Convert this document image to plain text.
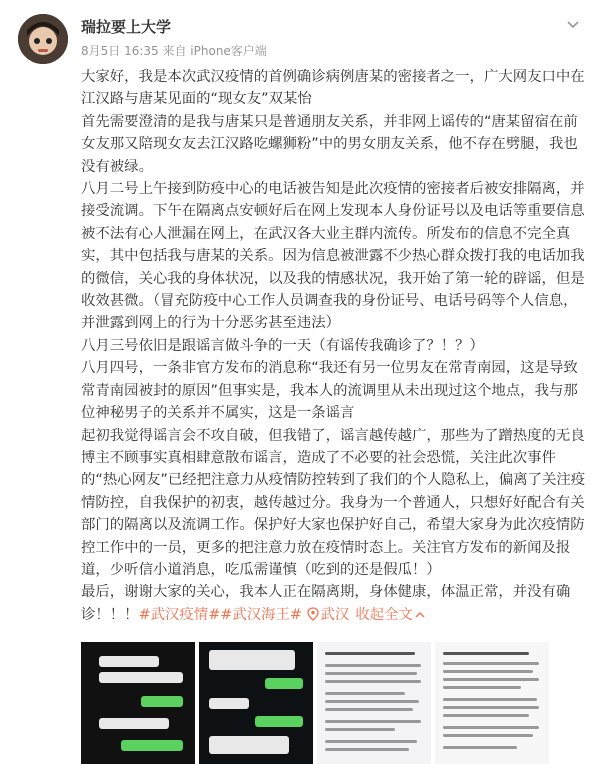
瑞拉要上大学
8月5日 16:35 来自 iPhone客户端

大家好，我是本次武汉疫情的首例确诊病例唐某的密接者之一，广大网友口中在江汉路与唐某见面的“现女友”双某怡

首先需要澄清的是我与唐某只是普通朋友关系，并非网上谣传的“唐某留宿在前女友那又陪现女友去江汉路吃螺狮粉”中的男女朋友关系，他不存在劈腿，我也没有被绿。

八月二号上午接到防疫中心的电话被告知是此次疫情的密接者后被安排隔离，并接受流调。下午在隔离点安顿好后在网上发现本人身份证号以及电话等重要信息被不法有心人泄漏在网上，在武汉各大业主群内流传。所发布的信息不完全真实，其中包括我与唐某的关系。因为信息被泄露不少热心群众拨打我的电话加我的微信，关心我的身体状况，以及我的情感状况，我开始了第一轮的辟谣，但是收效甚微。（冒充防疫中心工作人员调查我的身份证号、电话号码等个人信息，并泄露到网上的行为十分恶劣甚至违法）

八月三号依旧是跟谣言做斗争的一天（有谣传我确诊了？！？）

八月四号，一条非官方发布的消息称“我还有另一位男友在常青南园，这是导致常青南园被封的原因”但事实是，我本人的流调里从未出现过这个地点，我与那位神秘男子的关系并不属实，这是一条谣言

起初我觉得谣言会不攻自破，但我错了，谣言越传越广，那些为了蹭热度的无良博主不顾事实真相肆意散布谣言，造成了不必要的社会恐慌，关注此次事件的“热心网友”已经把注意力从疫情防控转到了我们的个人隐私上，偏离了关注疫情防控，自我保护的初衷，越传越过分。我身为一个普通人，只想好好配合有关部门的隔离以及流调工作。保护好大家也保护好自己，希望大家身为此次疫情防控工作中的一员，更多的把注意力放在疫情时态上。关注官方发布的新闻及报道，少听信小道消息，吃瓜需谨慎（吃到的还是假瓜！）

最后，谢谢大家的关心，我本人正在隔离期，身体健康，体温正常，并没有确诊！！！#武汉疫情##武汉海王# 武汉 收起全文
